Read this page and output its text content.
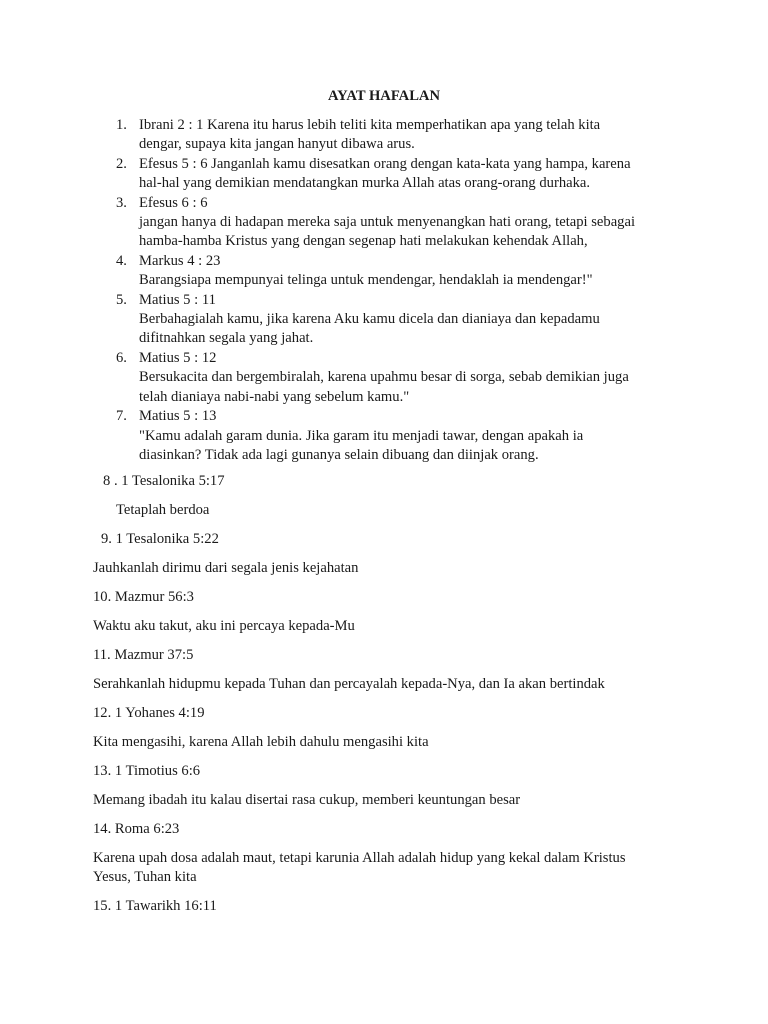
AYAT HAFALAN
1. Ibrani 2 : 1 Karena itu harus lebih teliti kita memperhatikan apa yang telah kita
dengar, supaya kita jangan hanyut dibawa arus.
2. Efesus 5 : 6 Janganlah kamu disesatkan orang dengan kata-kata yang hampa, karena
hal-hal yang demikian mendatangkan murka Allah atas orang-orang durhaka.
3. Efesus 6 : 6
jangan hanya di hadapan mereka saja untuk menyenangkan hati orang, tetapi sebagai
hamba-hamba Kristus yang dengan segenap hati melakukan kehendak Allah,
4. Markus 4 : 23
Barangsiapa mempunyai telinga untuk mendengar, hendaklah ia mendengar!"
5. Matius 5 : 11
Berbahagialah kamu, jika karena Aku kamu dicela dan dianiaya dan kepadamu
difitnahkan segala yang jahat.
6. Matius 5 : 12
Bersukacita dan bergembiralah, karena upahmu besar di sorga, sebab demikian juga
telah dianiaya nabi-nabi yang sebelum kamu."
7. Matius 5 : 13
"Kamu adalah garam dunia. Jika garam itu menjadi tawar, dengan apakah ia
diasinkan? Tidak ada lagi gunanya selain dibuang dan diinjak orang.
8 . 1 Tesalonika 5:17
Tetaplah berdoa
9. 1 Tesalonika 5:22
Jauhkanlah dirimu dari segala jenis kejahatan
10. Mazmur 56:3
Waktu aku takut, aku ini percaya kepada-Mu
11. Mazmur 37:5
Serahkanlah hidupmu kepada Tuhan dan percayalah kepada-Nya, dan Ia akan bertindak
12. 1 Yohanes 4:19
Kita mengasihi, karena Allah lebih dahulu mengasihi kita
13. 1 Timotius 6:6
Memang ibadah itu kalau disertai rasa cukup, memberi keuntungan besar
14. Roma 6:23
Karena upah dosa adalah maut, tetapi karunia Allah adalah hidup yang kekal dalam Kristus
Yesus, Tuhan kita
15. 1 Tawarikh 16:11
